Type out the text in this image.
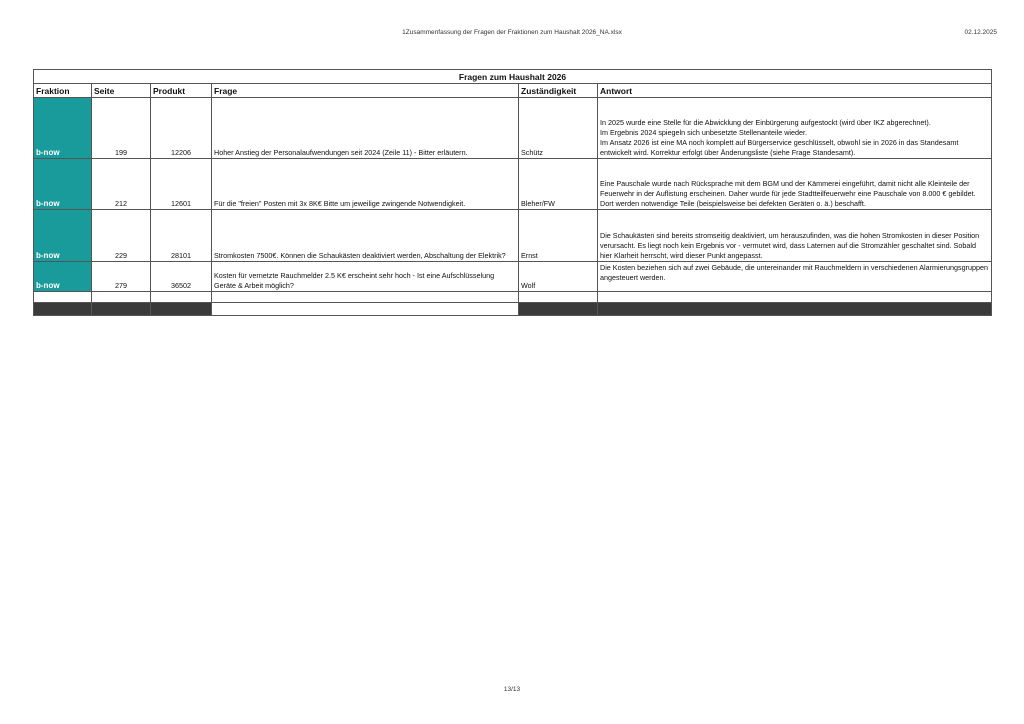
1Zusammenfassung der Fragen der Fraktionen zum Haushalt 2026_NA.xlsx	02.12.2025
Fragen zum Haushalt 2026					
Fraktion	Seite	Produkt	Frage	Zuständigkeit	Antwort
b-now	199	12206	Hoher Anstieg der Personalaufwendungen seit 2024 (Zeile 11) - Bitter erläutern.	Schütz	In 2025 wurde eine Stelle für die Abwicklung der Einbürgerung aufgestockt (wird über IKZ abgerechnet).
Im Ergebnis 2024 spiegeln sich unbesetzte Stellenanteile wieder.
Im Ansatz 2026 ist eine MA noch komplett auf Bürgerservice geschlüsselt, obwohl sie in 2026 in das Standesamt entwickelt wird. Korrektur erfolgt über Änderungsliste (siehe Frage Standesamt).
b-now	212	12601	Für die "freien" Posten mit 3x 8K€ Bitte um jeweilige zwingende Notwendigkeit.	Bleher/FW	Eine Pauschale wurde nach Rücksprache mit dem BGM und der Kämmerei eingeführt, damit nicht alle Kleinteile der Feuerwehr in der Auflistung erscheinen. Daher wurde für jede Stadtteilfeuerwehr eine Pauschale von 8.000 € gebildet. Dort werden notwendige Teile (beispielsweise bei defekten Geräten o. ä.) beschafft.
b-now	229	28101	Stromkosten 7500€. Können die Schaukästen deaktiviert werden, Abschaltung der Elektrik?	Ernst	Die Schaukästen sind bereits stromseitig deaktiviert, um herauszufinden, was die hohen Stromkosten in dieser Position verursacht. Es liegt noch kein Ergebnis vor - vermutet wird, dass Laternen auf die Stromzähler geschaltet sind. Sobald hier Klarheit herrscht, wird dieser Punkt angepasst.
b-now	279	36502	Kosten für vernetzte Rauchmelder 2.5 K€ erscheint sehr hoch - Ist eine Aufschlüsselung Geräte & Arbeit möglich?	Wolf	Die Kosten beziehen sich auf zwei Gebäude, die untereinander mit Rauchmeldern in verschiedenen Alarmierungsgruppen angesteuert werden.

13/13
